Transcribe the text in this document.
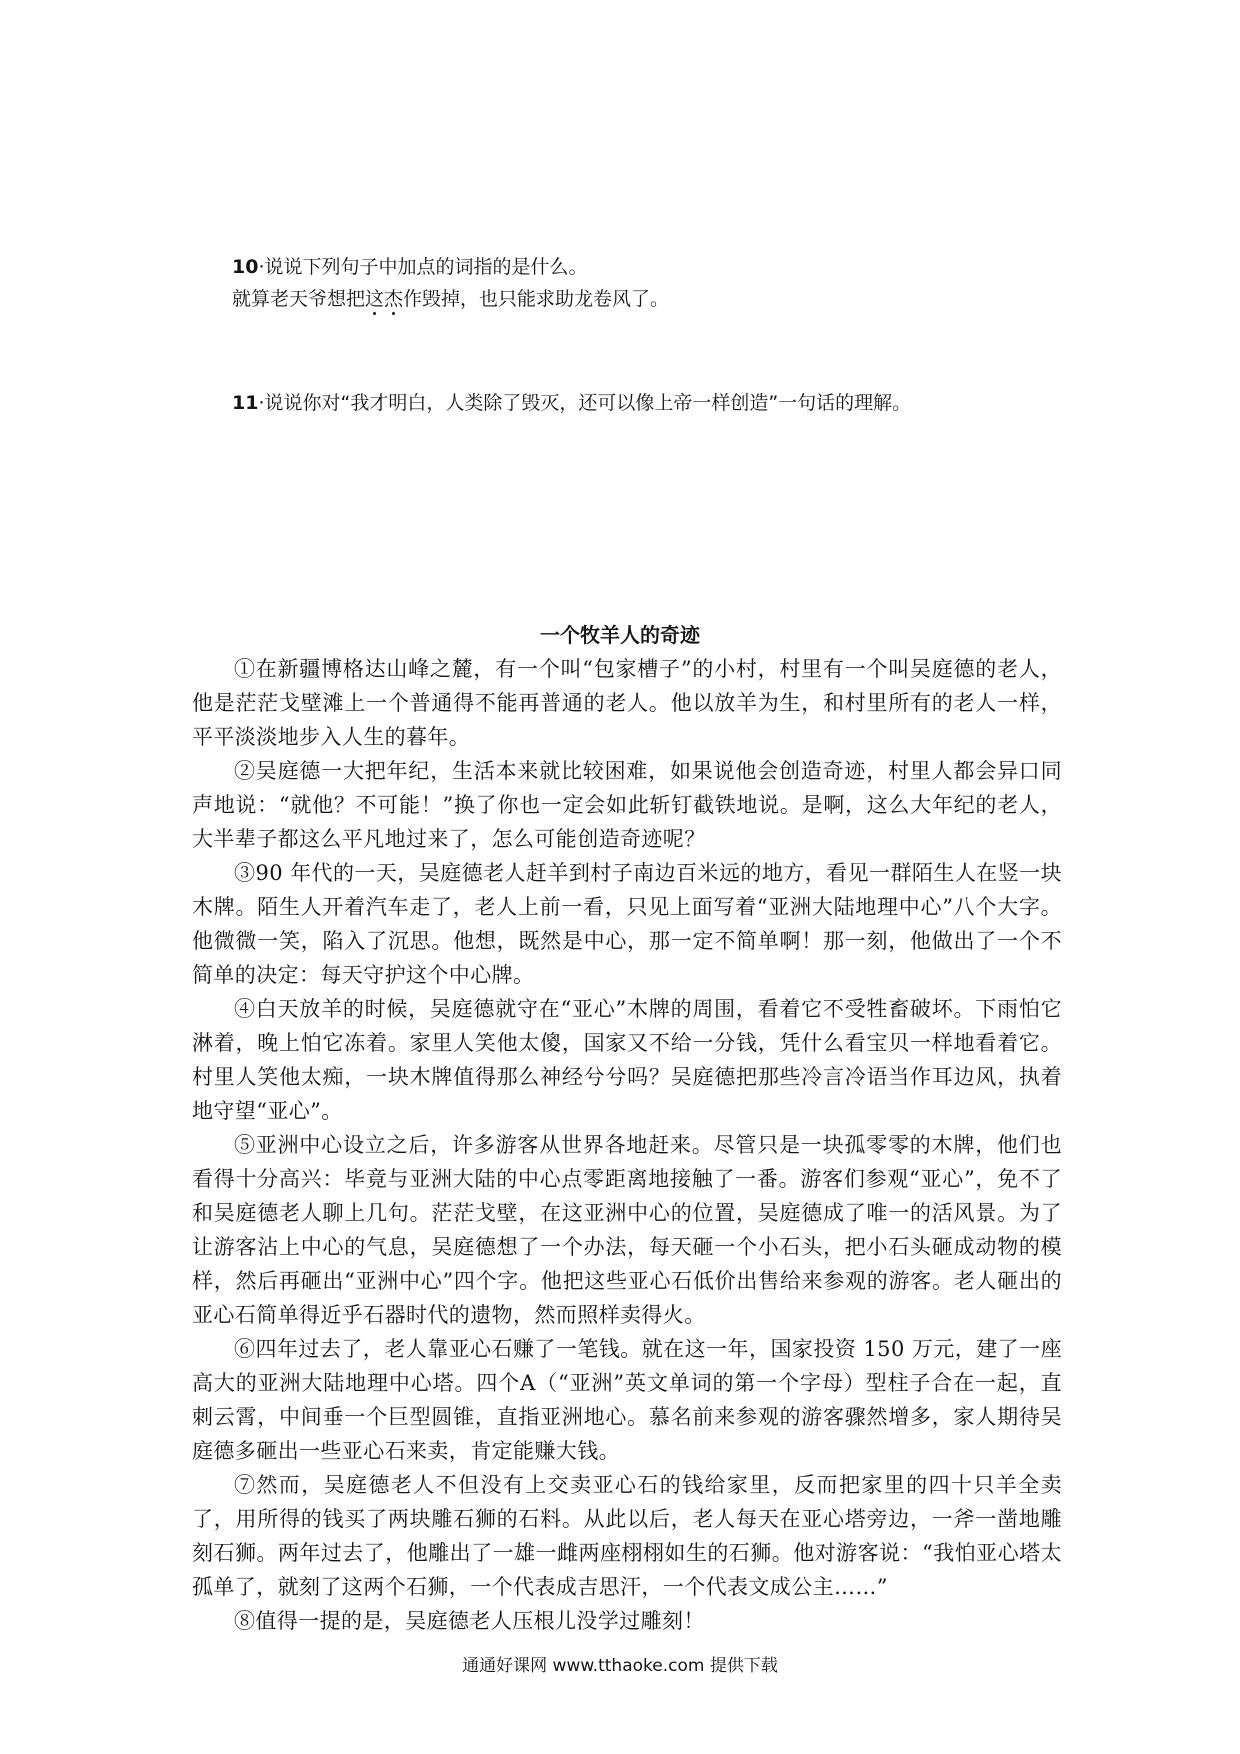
10·说说下列句子中加点的词指的是什么。
就算老天爷想把这杰作毁掉，也只能求助龙卷风了。
11·说说你对“我才明白，人类除了毁灭，还可以像上帝一样创造”一句话的理解。
一个牧羊人的奇迹

①在新疆博格达山峰之麓，有一个叫“包家槽子”的小村，村里有一个叫吴庭德的老人，他是茫茫戈壁滩上一个普通得不能再普通的老人。他以放羊为生，和村里所有的老人一样，平平淡淡地步入人生的暮年。

②吴庭德一大把年纪，生活本来就比较困难，如果说他会创造奇迹，村里人都会异口同声地说：“就他？不可能！”换了你也一定会如此斩钉截铁地说。是啊，这么大年纪的老人，大半辈子都这么平凡地过来了，怎么可能创造奇迹呢？

③90 年代的一天，吴庭德老人赶羊到村子南边百米远的地方，看见一群陌生人在竖一块木牌。陌生人开着汽车走了，老人上前一看，只见上面写着“亚洲大陆地理中心”八个大字。他微微一笑，陷入了沉思。他想，既然是中心，那一定不简单啊！那一刻，他做出了一个不简单的决定：每天守护这个中心牌。

④白天放羊的时候，吴庭德就守在“亚心”木牌的周围，看着它不受牲畜破坏。下雨怕它淋着，晚上怕它冻着。家里人笑他太傻，国家又不给一分钱，凭什么看宝贝一样地看着它。村里人笑他太痴，一块木牌值得那么神经兮兮吗？吴庭德把那些冷言冷语当作耳边风，执着地守望“亚心”。

⑤亚洲中心设立之后，许多游客从世界各地赶来。尽管只是一块孤零零的木牌，他们也看得十分高兴：毕竟与亚洲大陆的中心点零距离地接触了一番。游客们参观“亚心”，免不了和吴庭德老人聊上几句。茫茫戈壁，在这亚洲中心的位置，吴庭德成了唯一的活风景。为了让游客沾上中心的气息，吴庭德想了一个办法，每天砸一个小石头，把小石头砸成动物的模样，然后再砸出“亚洲中心”四个字。他把这些亚心石低价出售给来参观的游客。老人砸出的亚心石简单得近乎石器时代的遗物，然而照样卖得火。

⑥四年过去了，老人靠亚心石赚了一笔钱。就在这一年，国家投资 150 万元，建了一座高大的亚洲大陆地理中心塔。四个A（“亚洲”英文单词的第一个字母）型柱子合在一起，直刺云霄，中间垂一个巨型圆锥，直指亚洲地心。慕名前来参观的游客骤然增多，家人期待吴庭德多砸出一些亚心石来卖，肯定能赚大钱。

⑦然而，吴庭德老人不但没有上交卖亚心石的钱给家里，反而把家里的四十只羊全卖了，用所得的钱买了两块雕石狮的石料。从此以后，老人每天在亚心塔旁边，一斧一凿地雕刻石狮。两年过去了，他雕出了一雄一雌两座栩栩如生的石狮。他对游客说：“我怕亚心塔太孤单了，就刻了这两个石狮，一个代表成吉思汗，一个代表文成公主……”

⑧值得一提的是，吴庭德老人压根儿没学过雕刻！

通通好课网 www.tthaoke.com 提供下载
